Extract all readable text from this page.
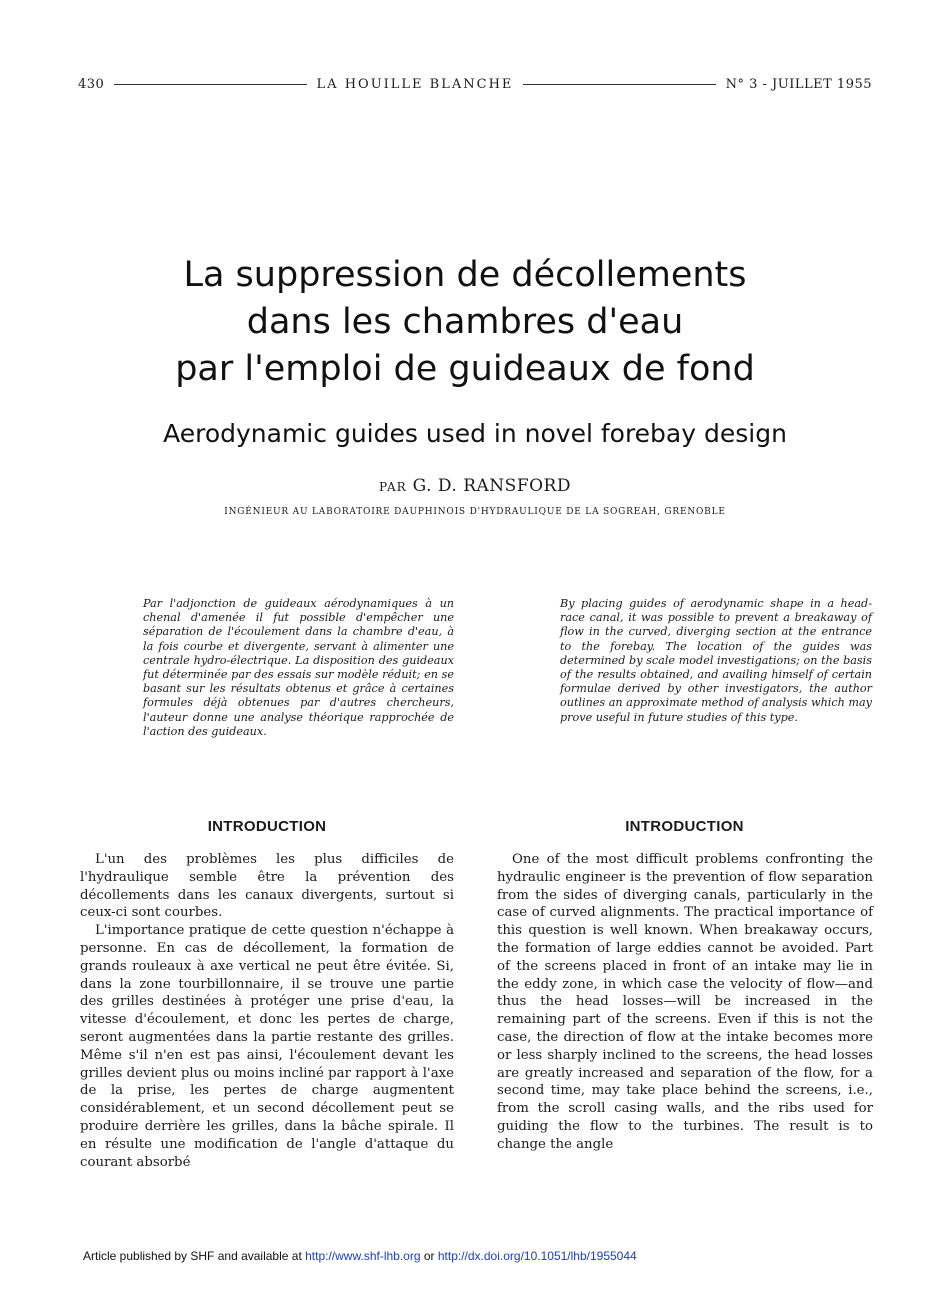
430	LA HOUILLE BLANCHE	N° 3 - JUILLET 1955
La suppression de décollements
dans les chambres d'eau
par l'emploi de guideaux de fond
Aerodynamic guides used in novel forebay design
PAR G. D. RANSFORD
INGÉNIEUR AU LABORATOIRE DAUPHINOIS D'HYDRAULIQUE DE LA SOGREAH, GRENOBLE
Par l'adjonction de guideaux aérodynamiques à un chenal d'amenée il fut possible d'empêcher une séparation de l'écoulement dans la chambre d'eau, à la fois courbe et divergente, servant à alimenter une centrale hydro-électrique. La disposition des guideaux fut déterminée par des essais sur modèle réduit; en se basant sur les résultats obtenus et grâce à certaines formules déjà obtenues par d'autres chercheurs, l'auteur donne une analyse théorique rapprochée de l'action des guideaux.
By placing guides of aerodynamic shape in a head-race canal, it was possible to prevent a breakaway of flow in the curved, diverging section at the entrance to the forebay. The location of the guides was determined by scale model investigations; on the basis of the results obtained, and availing himself of certain formulae derived by other investigators, the author outlines an approximate method of analysis which may prove useful in future studies of this type.
INTRODUCTION	INTRODUCTION

L'un des problèmes les plus difficiles de l'hydraulique semble être la prévention des décollements dans les canaux divergents, surtout si ceux-ci sont courbes.

L'importance pratique de cette question n'échappe à personne. En cas de décollement, la formation de grands rouleaux à axe vertical ne peut être évitée. Si, dans la zone tourbillonnaire, il se trouve une partie des grilles destinées à protéger une prise d'eau, la vitesse d'écoulement, et donc les pertes de charge, seront augmentées dans la partie restante des grilles. Même s'il n'en est pas ainsi, l'écoulement devant les grilles devient plus ou moins incliné par rapport à l'axe de la prise, les pertes de charge augmentent considérablement, et un second décollement peut se produire derrière les grilles, dans la bâche spirale. Il en résulte une modification de l'angle d'attaque du courant absorbé

One of the most difficult problems confronting the hydraulic engineer is the prevention of flow separation from the sides of diverging canals, particularly in the case of curved alignments. The practical importance of this question is well known. When breakaway occurs, the formation of large eddies cannot be avoided. Part of the screens placed in front of an intake may lie in the eddy zone, in which case the velocity of flow—and thus the head losses—will be increased in the remaining part of the screens. Even if this is not the case, the direction of flow at the intake becomes more or less sharply inclined to the screens, the head losses are greatly increased and separation of the flow, for a second time, may take place behind the screens, i.e., from the scroll casing walls, and the ribs used for guiding the flow to the turbines. The result is to change the angle

Article published by SHF and available at http://www.shf-lhb.org or http://dx.doi.org/10.1051/lhb/1955044
